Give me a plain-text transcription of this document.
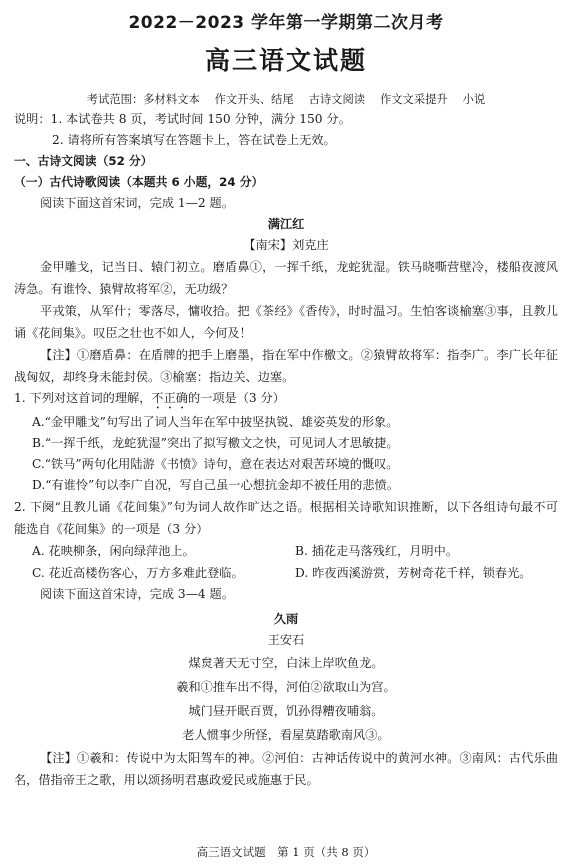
2022－2023 学年第一学期第二次月考
高三语文试题
考试范围：多材料文本　 作文开头、结尾　 古诗文阅读　 作文文采提升　 小说
说明：1. 本试卷共 8 页，考试时间 150 分钟，满分 150 分。
2. 请将所有答案填写在答题卡上，答在试卷上无效。
一、古诗文阅读（52 分）
（一）古代诗歌阅读（本题共 6 小题，24 分）
阅读下面这首宋词，完成 1—2 题。
满江红
【南宋】刘克庄
金甲雕戈，记当日、辕门初立。磨盾鼻①，一挥千纸，龙蛇犹湿。铁马晓嘶营壁冷，楼船夜渡风涛急。有谁怜、猿臂故将军②，无功级？
平戎策，从军什；零落尽，慵收拾。把《茶经》《香传》，时时温习。生怕客谈榆塞③事，且教儿诵《花间集》。叹臣之壮也不如人，今何及！
【注】①磨盾鼻：在盾牌的把手上磨墨，指在军中作檄文。②猿臂故将军：指李广。李广长年征战匈奴，却终身未能封侯。③榆塞：指边关、边塞。
1. 下列对这首词的理解，不正确的一项是（3 分）
A.“金甲雕戈”句写出了词人当年在军中披坚执锐、雄姿英发的形象。
B.“一挥千纸，龙蛇犹湿”突出了拟写檄文之快，可见词人才思敏捷。
C.“铁马”两句化用陆游《书愤》诗句，意在表达对艰苦环境的慨叹。
D.“有谁怜”句以李广自况，写自己虽一心想抗金却不被任用的悲愤。
2. 下阕“且教儿诵《花间集》”句为词人故作旷达之语。根据相关诗歌知识推断，以下各组诗句最不可能选自《花间集》的一项是（3 分）
A. 花映柳条，闲向绿萍池上。	B. 插花走马落残红，月明中。
C. 花近高楼伤客心，万方多难此登临。	D. 昨夜西溪游赏，芳树奇花千样，锁春光。
阅读下面这首宋诗，完成 3—4 题。
久雨
王安石
煤炱著天无寸空，白沫上岸吹鱼龙。
羲和①推车出不得，河伯②欲取山为宫。
城门昼开眠百贾，饥孙得糟夜哺翁。
老人惯事少所怪，看屋莫踏歌南风③。
【注】①羲和：传说中为太阳驾车的神。②河伯：古神话传说中的黄河水神。③南风：古代乐曲名，借指帝王之歌，用以颂扬明君惠政爱民或施惠于民。
高三语文试题　第 1 页（共 8 页）
